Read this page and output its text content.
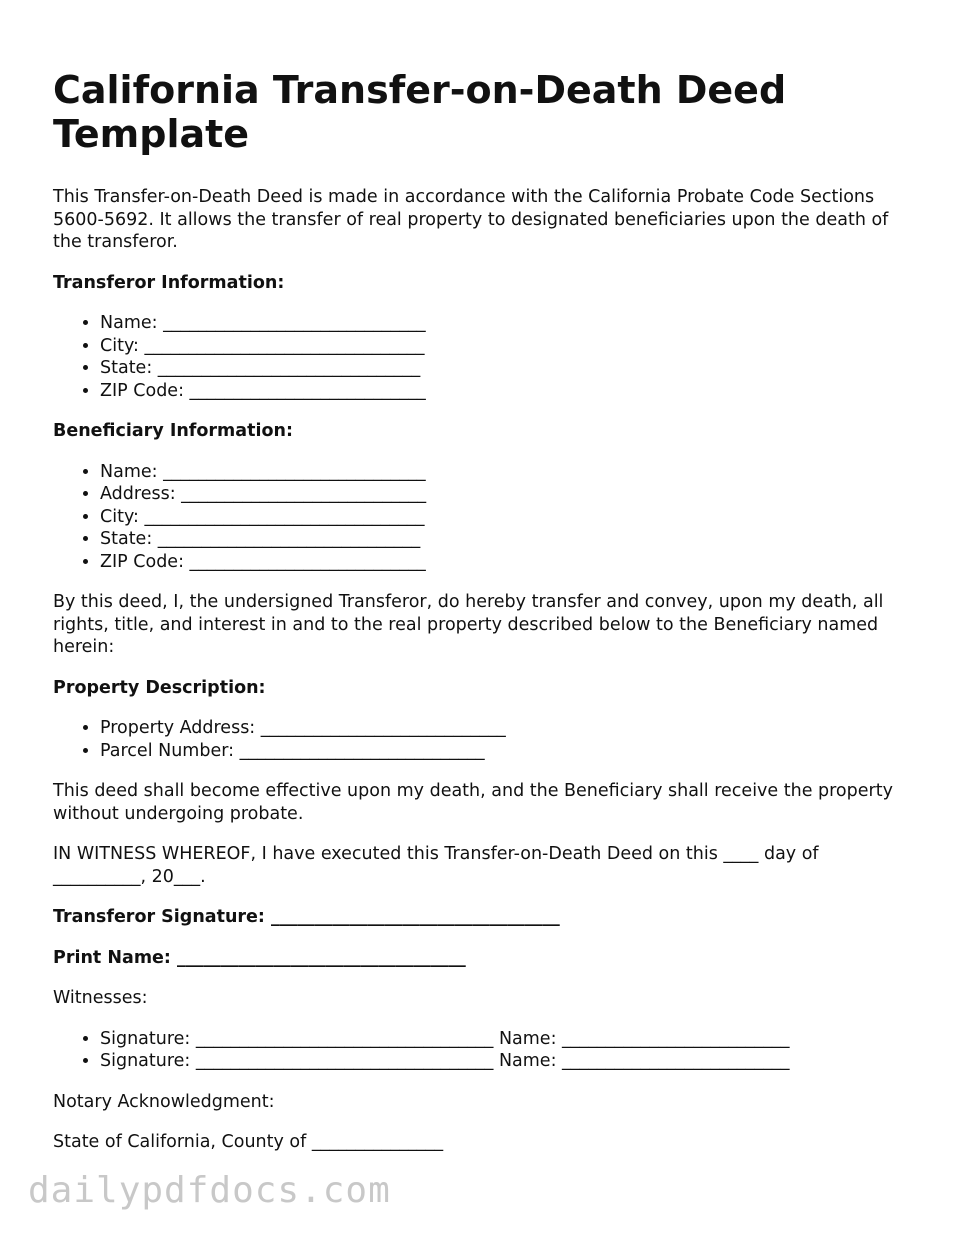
California Transfer-on-Death Deed Template

This Transfer-on-Death Deed is made in accordance with the California Probate Code Sections 5600-5692. It allows the transfer of real property to designated beneficiaries upon the death of the transferor.

Transferor Information:
• Name: ______________________________
• City: ________________________________
• State: ______________________________
• ZIP Code: ___________________________
Beneficiary Information:
• Name: ______________________________
• Address: ____________________________
• City: ________________________________
• State: ______________________________
• ZIP Code: ___________________________

By this deed, I, the undersigned Transferor, do hereby transfer and convey, upon my death, all rights, title, and interest in and to the real property described below to the Beneficiary named herein:

Property Description:
• Property Address: ____________________________
• Parcel Number: ____________________________

This deed shall become effective upon my death, and the Beneficiary shall receive the property without undergoing probate.

IN WITNESS WHEREOF, I have executed this Transfer-on-Death Deed on this ____ day of __________, 20___.

Transferor Signature: _________________________________
Print Name: _________________________________

Witnesses:

• Signature: __________________________________ Name: __________________________
• Signature: __________________________________ Name: __________________________

Notary Acknowledgment:

State of California, County of _______________

dailypdfdocs.com
